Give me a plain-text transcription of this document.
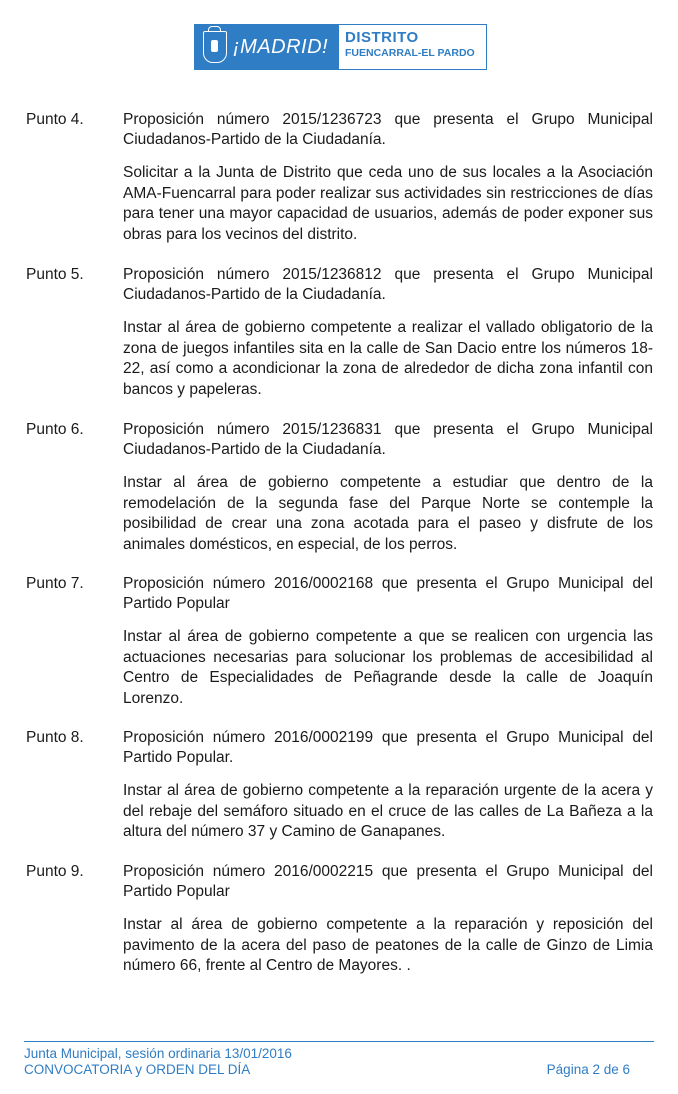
¡MADRID! DISTRITO
FUENCARRAL-EL PARDO
Punto 4.	Proposición número 2015/1236723 que presenta el Grupo Municipal Ciudadanos-Partido de la Ciudadanía.
Solicitar a la Junta de Distrito que ceda uno de sus locales a la Asociación AMA-Fuencarral para poder realizar sus actividades sin restricciones de días para tener una mayor capacidad de usuarios, además de poder exponer sus obras para los vecinos del distrito.
Punto 5.	Proposición número 2015/1236812 que presenta el Grupo Municipal Ciudadanos-Partido de la Ciudadanía.
Instar al área de gobierno competente a realizar el vallado obligatorio de la zona de juegos infantiles sita en la calle de San Dacio entre los números 18-22, así como a acondicionar la zona de alrededor de dicha zona infantil con bancos y papeleras.
Punto 6.	Proposición número 2015/1236831 que presenta el Grupo Municipal Ciudadanos-Partido de la Ciudadanía.
Instar al área de gobierno competente a estudiar que dentro de la remodelación de la segunda fase del Parque Norte se contemple la posibilidad de crear una zona acotada para el paseo y disfrute de los animales domésticos, en especial, de los perros.
Punto 7.	Proposición número 2016/0002168 que presenta el Grupo Municipal del Partido Popular
Instar al área de gobierno competente a que se realicen con urgencia las actuaciones necesarias para solucionar los problemas de accesibilidad al Centro de Especialidades de Peñagrande desde la calle de Joaquín Lorenzo.
Punto 8.	Proposición número 2016/0002199 que presenta el Grupo Municipal del Partido Popular.
Instar al área de gobierno competente a la reparación urgente de la acera y del rebaje del semáforo situado en el cruce de las calles de La Bañeza a la altura del número 37 y Camino de Ganapanes.
Punto 9.	Proposición número 2016/0002215 que presenta el Grupo Municipal del Partido Popular
Instar al área de gobierno competente a la reparación y reposición del pavimento de la acera del paso de peatones de la calle de Ginzo de Limia número 66, frente al Centro de Mayores. .
Junta Municipal, sesión ordinaria 13/01/2016
CONVOCATORIA y ORDEN DEL DÍA	Página 2 de 6
